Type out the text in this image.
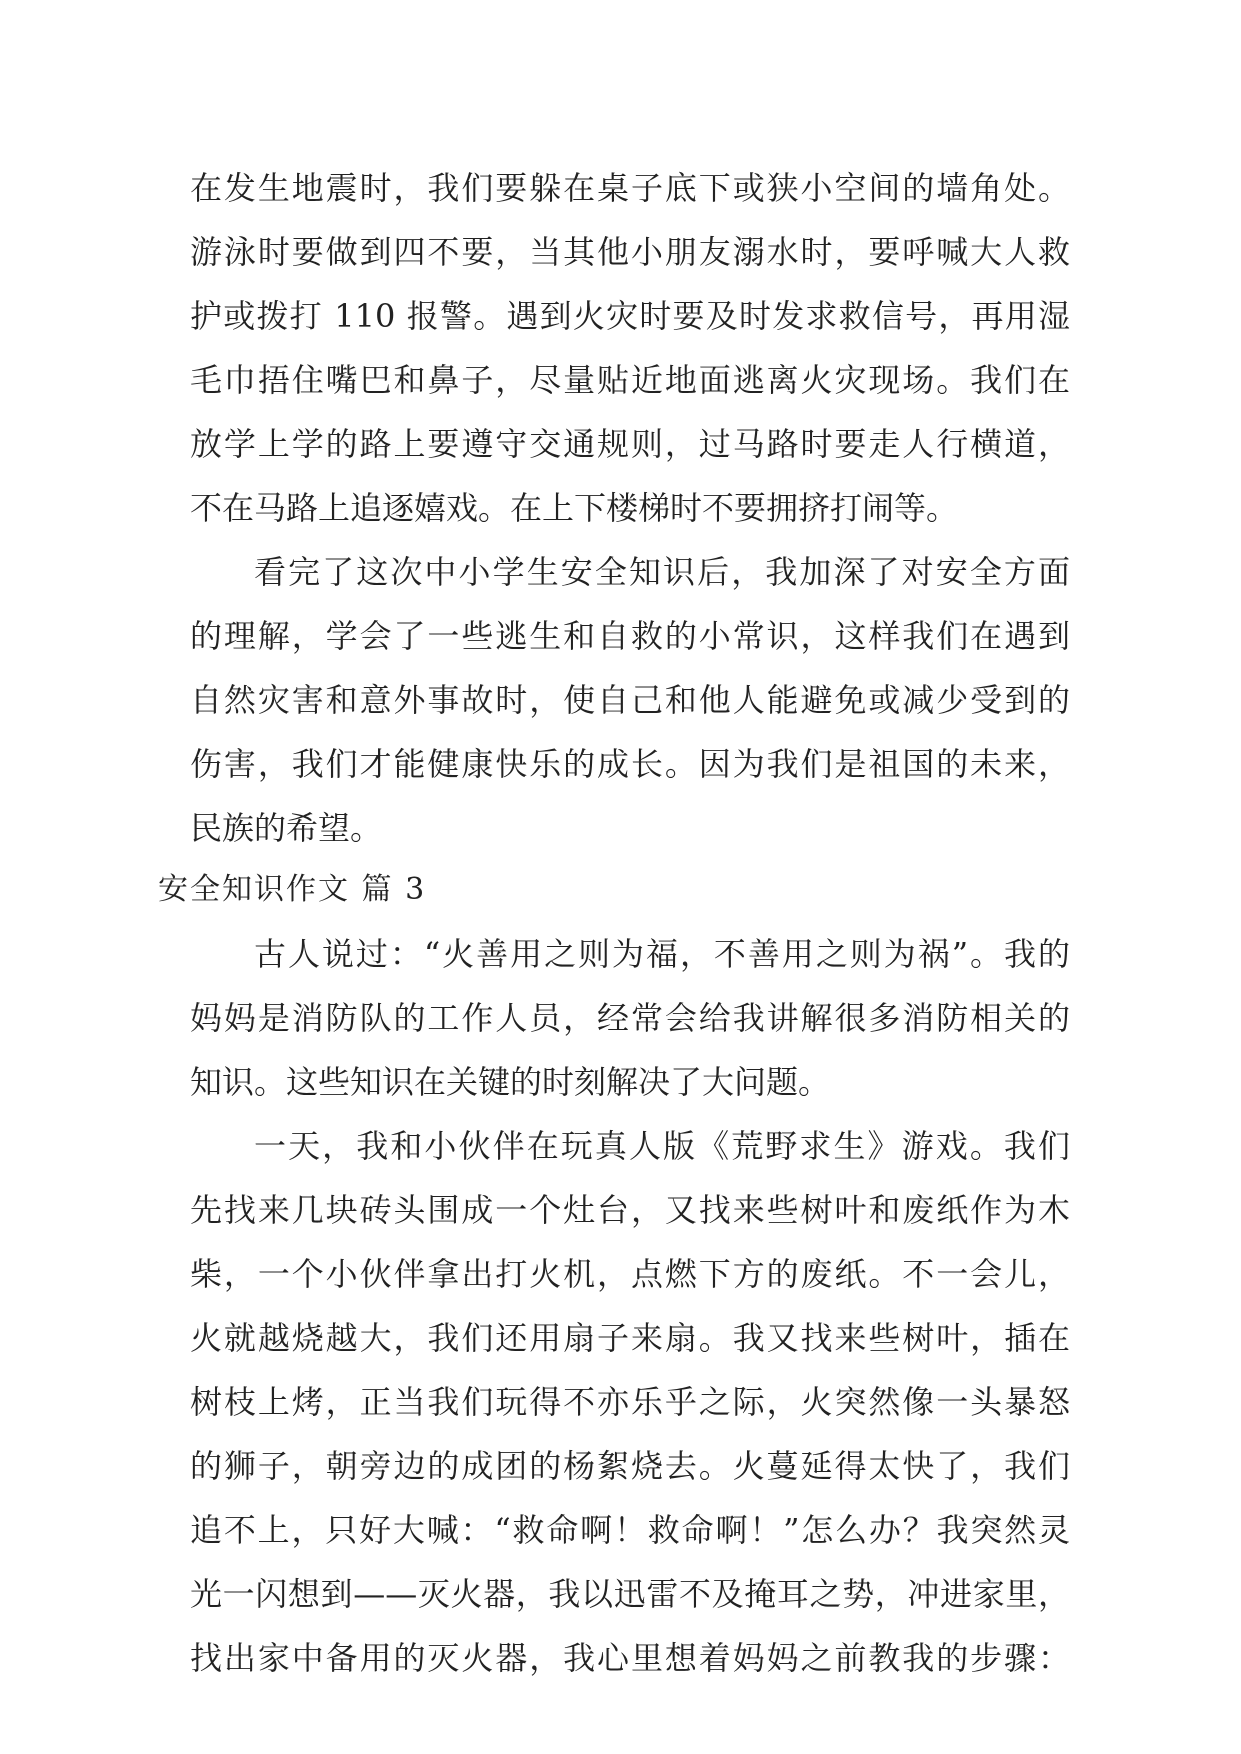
在发生地震时，我们要躲在桌子底下或狭小空间的墙角处。
游泳时要做到四不要，当其他小朋友溺水时，要呼喊大人救
护或拨打 110 报警。遇到火灾时要及时发求救信号，再用湿
毛巾捂住嘴巴和鼻子，尽量贴近地面逃离火灾现场。我们在
放学上学的路上要遵守交通规则，过马路时要走人行横道，
不在马路上追逐嬉戏。在上下楼梯时不要拥挤打闹等。
看完了这次中小学生安全知识后，我加深了对安全方面
的理解，学会了一些逃生和自救的小常识，这样我们在遇到
自然灾害和意外事故时，使自己和他人能避免或减少受到的
伤害，我们才能健康快乐的成长。因为我们是祖国的未来，
民族的希望。
安全知识作文 篇 3
古人说过：“火善用之则为福，不善用之则为祸”。我的
妈妈是消防队的工作人员，经常会给我讲解很多消防相关的
知识。这些知识在关键的时刻解决了大问题。
一天，我和小伙伴在玩真人版《荒野求生》游戏。我们
先找来几块砖头围成一个灶台，又找来些树叶和废纸作为木
柴，一个小伙伴拿出打火机，点燃下方的废纸。不一会儿，
火就越烧越大，我们还用扇子来扇。我又找来些树叶，插在
树枝上烤，正当我们玩得不亦乐乎之际，火突然像一头暴怒
的狮子，朝旁边的成团的杨絮烧去。火蔓延得太快了，我们
追不上，只好大喊：“救命啊！救命啊！”怎么办？我突然灵
光一闪想到——灭火器，我以迅雷不及掩耳之势，冲进家里，
找出家中备用的灭火器，我心里想着妈妈之前教我的步骤：
